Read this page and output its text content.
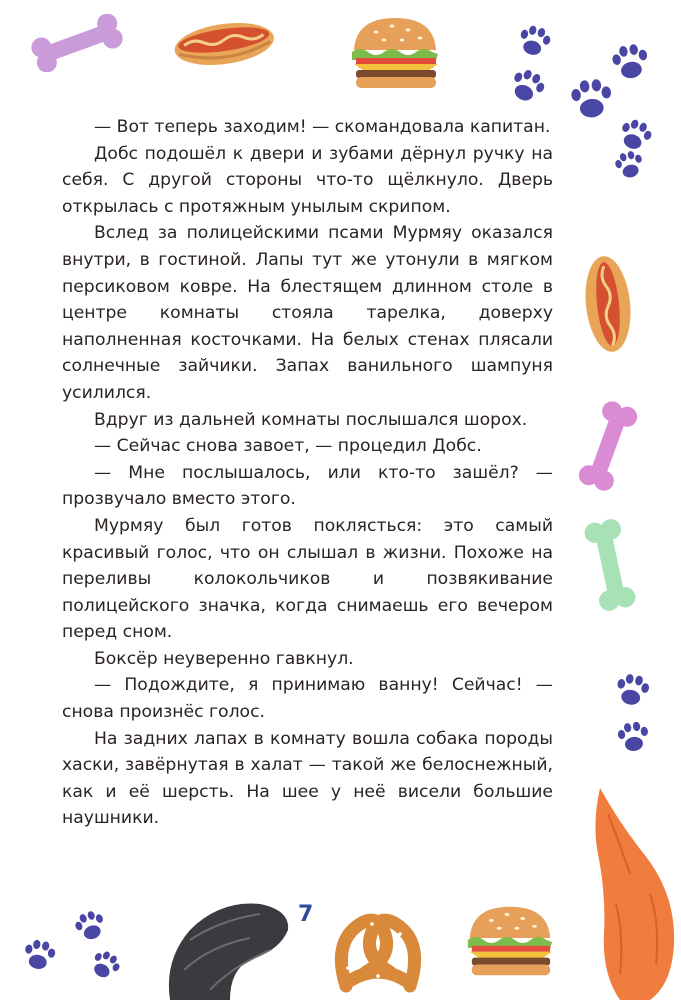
— Вот теперь заходим! — скомандовала капитан.

Добс подошёл к двери и зубами дёрнул ручку на себя. С другой стороны что-то щёлкнуло. Дверь открылась с протяжным унылым скрипом.

Вслед за полицейскими псами Мурмяу оказался внутри, в гостиной. Лапы тут же утонули в мягком персиковом ковре. На блестящем длинном столе в центре комнаты стояла тарелка, доверху наполненная косточками. На белых стенах плясали солнечные зайчики. Запах ванильного шампуня усилился.

Вдруг из дальней комнаты послышался шорох.

— Сейчас снова завоет, — процедил Добс.

— Мне послышалось, или кто-то зашёл? — прозвучало вместо этого.

Мурмяу был готов поклясться: это самый красивый голос, что он слышал в жизни. Похоже на переливы колокольчиков и позвякивание полицейского значка, когда снимаешь его вечером перед сном.

Боксёр неуверенно гавкнул.

— Подождите, я принимаю ванну! Сейчас! — снова произнёс голос.

На задних лапах в комнату вошла собака породы хаски, завёрнутая в халат — такой же белоснежный, как и её шерсть. На шее у неё висели большие наушники.

7
